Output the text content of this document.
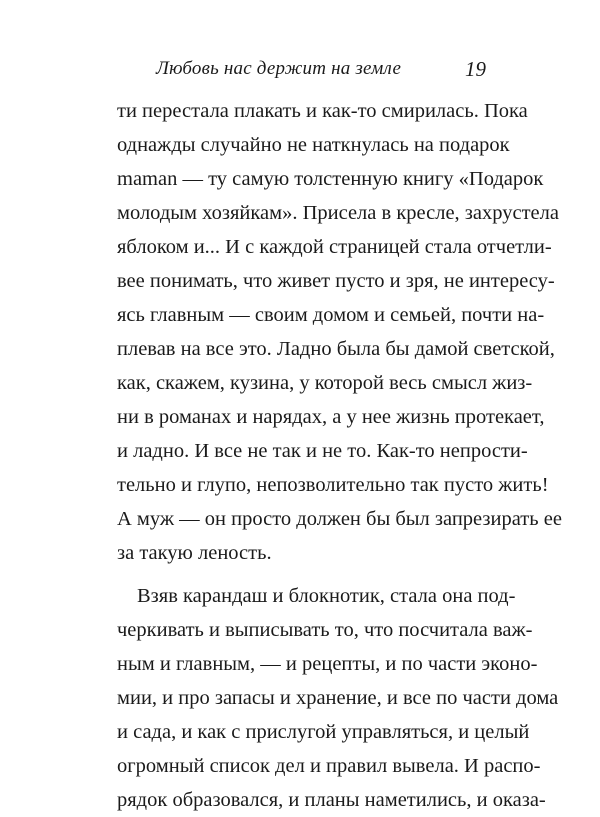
Любовь нас держит на земле	19
ти перестала плакать и как-то смирилась. Пока
однажды случайно не наткнулась на подарок
maman — ту самую толстенную книгу «Подарок
молодым хозяйкам». Присела в кресле, захрустела
яблоком и... И с каждой страницей стала отчетли-
вее понимать, что живет пусто и зря, не интересу-
ясь главным — своим домом и семьей, почти на-
плевав на все это. Ладно была бы дамой светской,
как, скажем, кузина, у которой весь смысл жиз-
ни в романах и нарядах, а у нее жизнь протекает,
и ладно. И все не так и не то. Как-то непрости-
тельно и глупо, непозволительно так пусто жить!
А муж — он просто должен бы был запрезирать ее
за такую леность.
Взяв карандаш и блокнотик, стала она под-
черкивать и выписывать то, что посчитала важ-
ным и главным, — и рецепты, и по части эконо-
мии, и про запасы и хранение, и все по части дома
и сада, и как с прислугой управляться, и целый
огромный список дел и правил вывела. И распо-
рядок образовался, и планы наметились, и оказа-
